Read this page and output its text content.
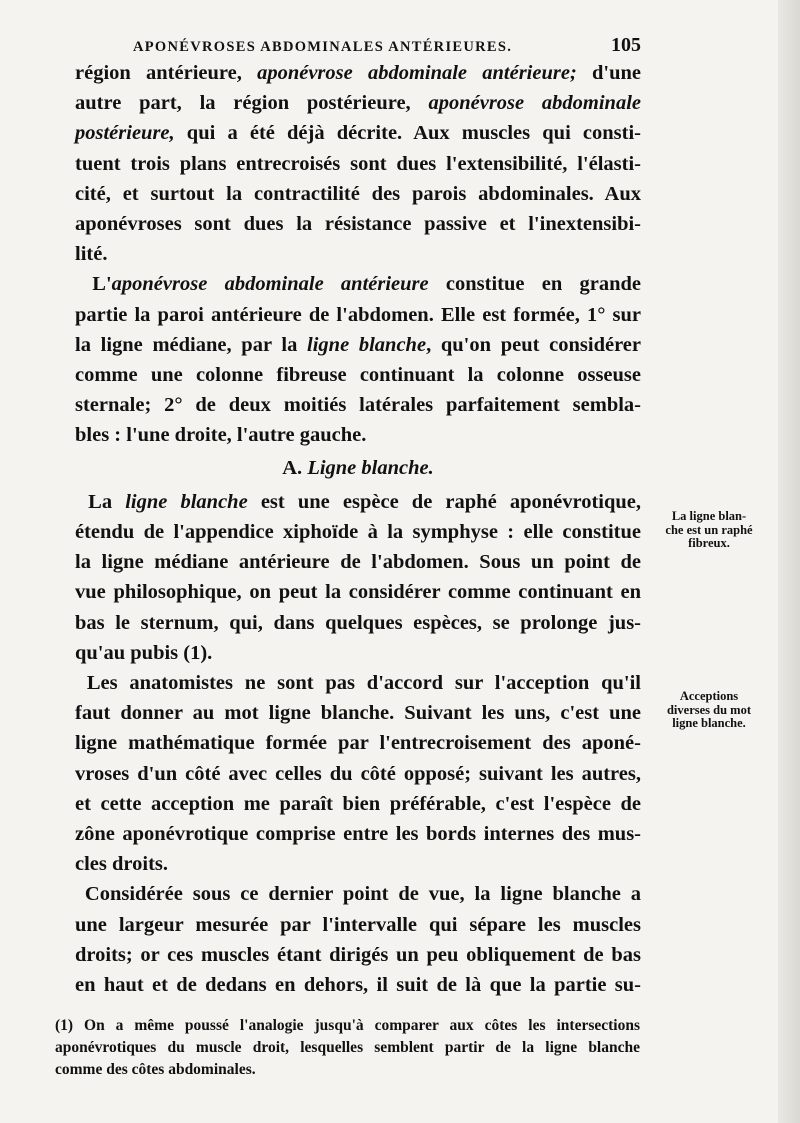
APONÉVROSES ABDOMINALES ANTÉRIEURES.	105

région antérieure, aponévrose abdominale antérieure; d'une
autre part, la région postérieure, aponévrose abdominale
postérieure, qui a été déjà décrite. Aux muscles qui consti-
tuent trois plans entrecroisés sont dues l'extensibilité, l'élasti-
cité, et surtout la contractilité des parois abdominales. Aux
aponévroses sont dues la résistance passive et l'inextensibi-
lité.

L'aponévrose abdominale antérieure constitue en grande
partie la paroi antérieure de l'abdomen. Elle est formée, 1° sur
la ligne médiane, par la ligne blanche, qu'on peut considérer
comme une colonne fibreuse continuant la colonne osseuse
sternale; 2° de deux moitiés latérales parfaitement sembla-
bles : l'une droite, l'autre gauche.

A. Ligne blanche.

La ligne blanche est une espèce de raphé aponévrotique,
étendu de l'appendice xiphoïde à la symphyse : elle constitue
la ligne médiane antérieure de l'abdomen. Sous un point de
vue philosophique, on peut la considérer comme continuant en
bas le sternum, qui, dans quelques espèces, se prolonge jus-
qu'au pubis (1).

Les anatomistes ne sont pas d'accord sur l'acception qu'il
faut donner au mot ligne blanche. Suivant les uns, c'est une
ligne mathématique formée par l'entrecroisement des aponé-
vroses d'un côté avec celles du côté opposé; suivant les autres,
et cette acception me paraît bien préférable, c'est l'espèce de
zône aponévrotique comprise entre les bords internes des mus-
cles droits.

Considérée sous ce dernier point de vue, la ligne blanche a
une largeur mesurée par l'intervalle qui sépare les muscles
droits; or ces muscles étant dirigés un peu obliquement de bas
en haut et de dedans en dehors, il suit de là que la partie su-

La ligne blan-
che est un raphé
fibreux.
Acceptions
diverses du mot
ligne blanche.
(1) On a même poussé l'analogie jusqu'à comparer aux côtes les intersections
aponévrotiques du muscle droit, lesquelles semblent partir de la ligne blanche
comme des côtes abdominales.
